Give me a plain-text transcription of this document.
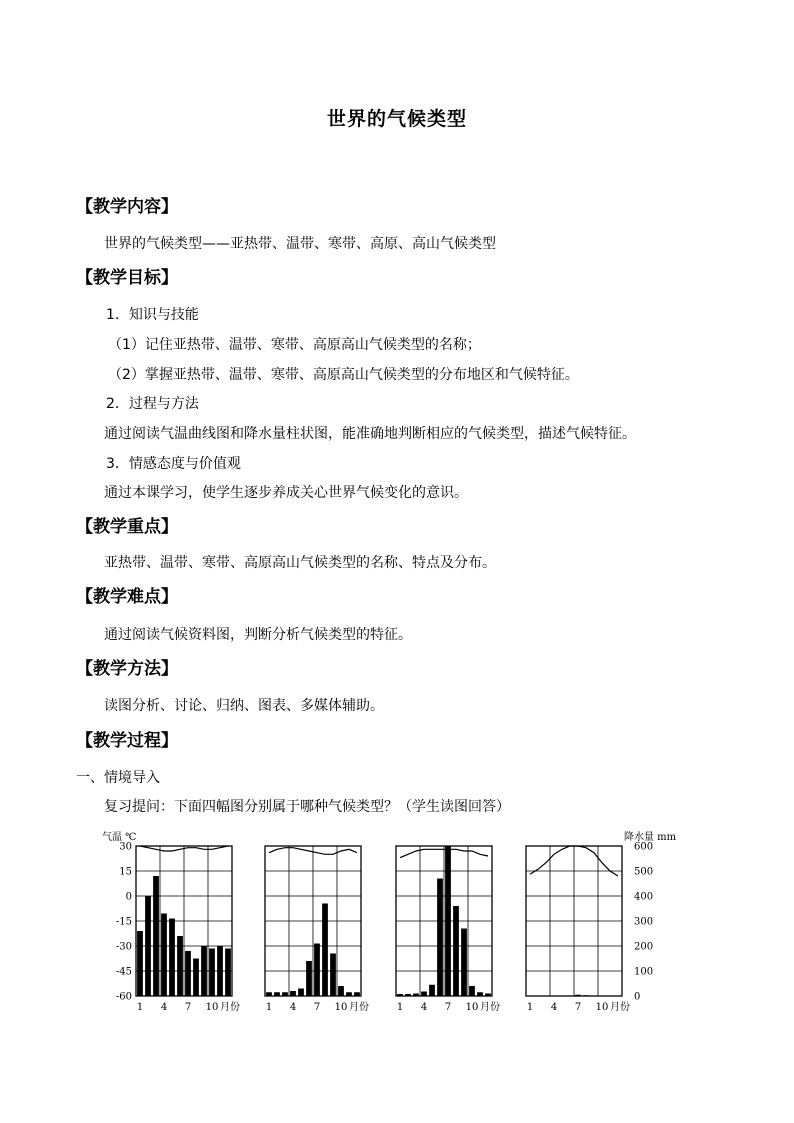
世界的气候类型
【教学内容】
世界的气候类型——亚热带、温带、寒带、高原、高山气候类型
【教学目标】
1．知识与技能
（1）记住亚热带、温带、寒带、高原高山气候类型的名称；
（2）掌握亚热带、温带、寒带、高原高山气候类型的分布地区和气候特征。
2．过程与方法
通过阅读气温曲线图和降水量柱状图，能准确地判断相应的气候类型，描述气候特征。
3．情感态度与价值观
通过本课学习，使学生逐步养成关心世界气候变化的意识。
【教学重点】
亚热带、温带、寒带、高原高山气候类型的名称、特点及分布。
【教学难点】
通过阅读气候资料图，判断分析气候类型的特征。
【教学方法】
读图分析、讨论、归纳、图表、多媒体辅助。
【教学过程】
一、情境导入
复习提问：下面四幅图分别属于哪种气候类型？（学生读图回答）
1 4 7 10 月份
30
15
0
-15
-30
-45
-60
气温 ℃
1 4 7 10 月份	1 4 7 10 月份	1 4 7 10 月份
600
500
400
300
200
100
0
降水量 mm
